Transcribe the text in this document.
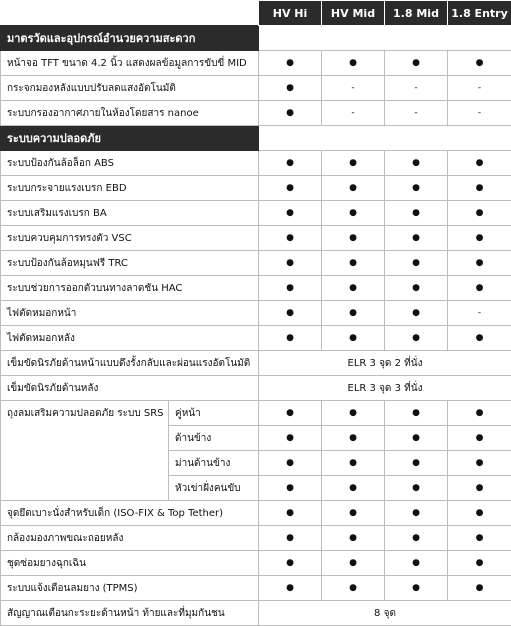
		HV Hi	HV Mid	1.8 Mid	1.8 Entry
มาตรวัดและอุปกรณ์อำนวยความสะดวก					
หน้าจอ TFT ขนาด 4.2 นิ้ว แสดงผลข้อมูลการขับขี่ MID		●	●	●	●
กระจกมองหลังแบบปรับลดแสงอัตโนมัติ		●	-	-	-
ระบบกรองอากาศภายในห้องโดยสาร nanoe		●	-	-	-
ระบบความปลอดภัย					
ระบบป้องกันล้อล็อก ABS		●	●	●	●
ระบบกระจายแรงเบรก EBD		●	●	●	●
ระบบเสริมแรงเบรก BA		●	●	●	●
ระบบควบคุมการทรงตัว VSC		●	●	●	●
ระบบป้องกันล้อหมุนฟรี TRC		●	●	●	●
ระบบช่วยการออกตัวบนทางลาดชัน HAC		●	●	●	●
ไฟตัดหมอกหน้า		●	●	●	-
ไฟตัดหมอกหลัง		●	●	●	●
เข็มขัดนิรภัยด้านหน้าแบบดึงรั้งกลับและผ่อนแรงอัตโนมัติ		ELR 3 จุด 2 ที่นั่ง			
เข็มขัดนิรภัยด้านหลัง		ELR 3 จุด 3 ที่นั่ง			
ถุงลมเสริมความปลอดภัย ระบบ SRS	คู่หน้า	●	●	●	●
	ด้านข้าง	●	●	●	●
	ม่านด้านข้าง	●	●	●	●
	หัวเข่าฝั่งคนขับ	●	●	●	●
จุดยึดเบาะนั่งสำหรับเด็ก (ISO-FIX & Top Tether)		●	●	●	●
กล้องมองภาพขณะถอยหลัง		●	●	●	●
ชุดซ่อมยางฉุกเฉิน		●	●	●	●
ระบบแจ้งเตือนลมยาง (TPMS)		●	●	●	●
สัญญาณเตือนกะระยะด้านหน้า ท้ายและที่มุมกันชน		8 จุด			
